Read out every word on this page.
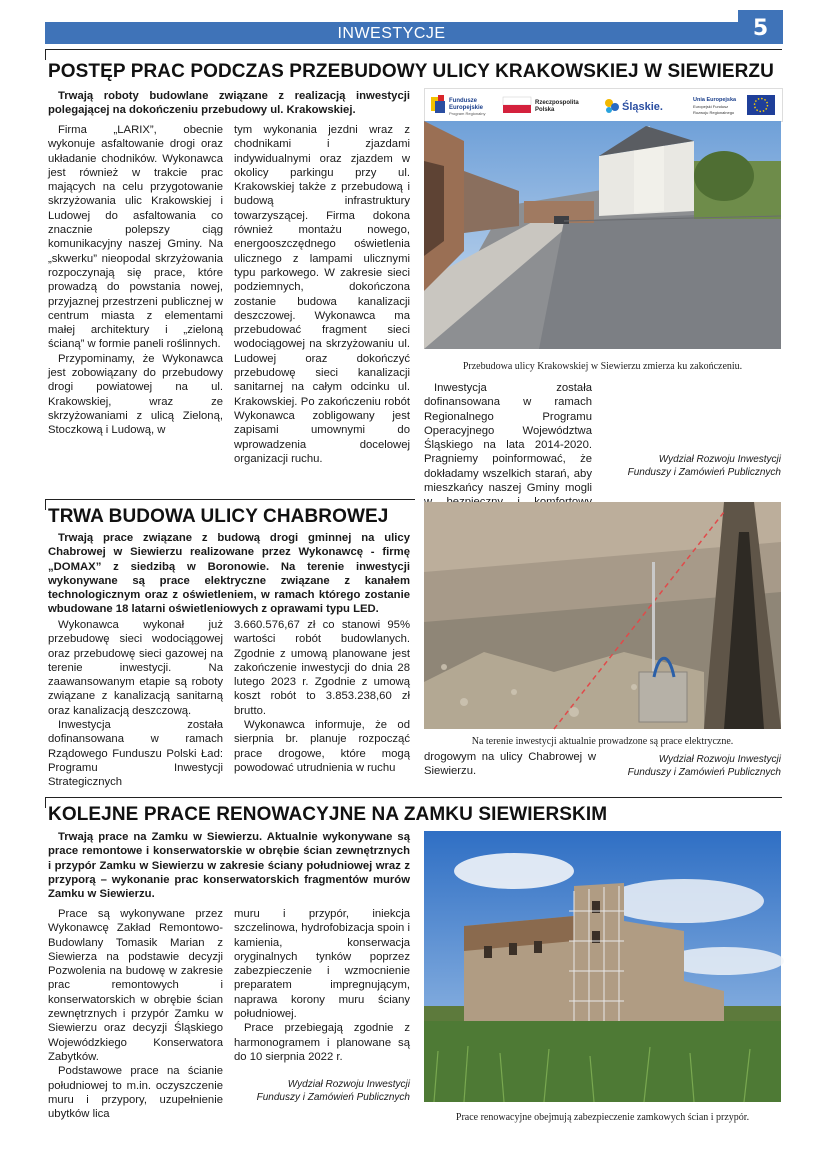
INWESTYCJE	5
POSTĘP PRAC PODCZAS PRZEBUDOWY ULICY KRAKOWSKIEJ W SIEWIERZU
Trwają roboty budowlane związane z realizacją inwestycji polegającej na dokończeniu przebudowy ul. Krakowskiej.

Firma „LARIX”, obecnie wykonuje asfaltowanie drogi oraz układanie chodników. Wykonawca jest również w trakcie prac mających na celu przygotowanie skrzyżowania ulic Krakowskiej i Ludowej do asfaltowania co znacznie polepszy ciąg komunikacyjny naszej Gminy. Na „skwerku” nieopodal skrzyżowania rozpoczynają się prace, które prowadzą do powstania nowej, przyjaznej przestrzeni publicznej w centrum miasta z elementami małej architektury i „zieloną ścianą” w formie paneli roślinnych.

Przypominamy, że Wykonawca jest zobowiązany do przebudowy drogi powiatowej na ul. Krakowskiej, wraz ze skrzyżowaniami z ulicą Zieloną, Stoczkową i Ludową, w

tym wykonania jezdni wraz z chodnikami i zjazdami indywidualnymi oraz zjazdem w okolicy parkingu przy ul. Krakowskiej także z przebudową i budową infrastruktury towarzyszącej. Firma dokona również montażu nowego, energooszczędnego oświetlenia ulicznego z lampami ulicznymi typu parkowego. W zakresie sieci podziemnych, dokończona zostanie budowa kanalizacji deszczowej. Wykonawca ma przebudować fragment sieci wodociągowej na skrzyżowaniu ul. Ludowej oraz dokończyć przebudowę sieci kanalizacji sanitarnej na całym odcinku ul. Krakowskiej. Po zakończeniu robót Wykonawca zobligowany jest zapisami umownymi do wprowadzenia docelowej organizacji ruchu.

Fundusze
Europejskie
Program Regionalny
Rzeczpospolita
Polska	Śląskie.
Unia Europejska
Europejski Fundusz
Rozwoju Regionalnego
Przebudowa ulicy Krakowskiej w Siewierzu zmierza ku zakończeniu.

Inwestycja została dofinansowana w ramach Regionalnego Programu Operacyjnego Województwa Śląskiego na lata 2014-2020. Pragniemy poinformować, że dokładamy wszelkich starań, aby mieszkańcy naszej Gminy mogli

Wydział Rozwoju Inwestycji
Funduszy i Zamówień Publicznych
TRWA BUDOWA ULICY CHABROWEJ
Trwają prace związane z budową drogi gminnej na ulicy Chabrowej w Siewierzu realizowane przez Wykonawcę - firmę „DOMAX” z siedzibą w Boronowie. Na terenie inwestycji wykonywane są prace elektryczne związane z kanałem technologicznym oraz z oświetleniem, w ramach którego zostanie wbudowane 18 latarni oświetleniowych z oprawami typu LED.

Wykonawca wykonał już przebudowę sieci wodociągowej oraz przebudowę sieci gazowej na terenie inwestycji. Na zaawansowanym etapie są roboty związane z kanalizacją sanitarną oraz kanalizacją deszczową.

Inwestycja została dofinansowana w ramach Rządowego Funduszu Polski Ład: Programu Inwestycji Strategicznych

3.660.576,67 zł co stanowi 95% wartości robót budowlanych. Zgodnie z umową planowane jest zakończenie inwestycji do dnia 28 lutego 2023 r. Zgodnie z umową koszt robót to 3.853.238,60 zł brutto.

Wykonawca informuje, że od sierpnia br. planuje rozpocząć prace drogowe, które mogą powodować utrudnienia w ruchu

Na terenie inwestycji aktualnie prowadzone są prace elektryczne.

drogowym na ulicy Chabrowej w Siewierzu.

Wydział Rozwoju Inwestycji
Funduszy i Zamówień Publicznych
KOLEJNE PRACE RENOWACYJNE NA ZAMKU SIEWIERSKIM
Trwają prace na Zamku w Siewierzu. Aktualnie wykonywane są prace remontowe i konserwatorskie w obrębie ścian zewnętrznych i przypór Zamku w Siewierzu w zakresie ściany południowej wraz z przyporą – wykonanie prac konserwatorskich fragmentów murów Zamku w Siewierzu.

Prace są wykonywane przez Wykonawcę Zakład Remontowo-Budowlany Tomasik Marian z Siewierza na podstawie decyzji Pozwolenia na budowę w zakresie prac remontowych i konserwatorskich w obrębie ścian zewnętrznych i przypór Zamku w Siewierzu oraz decyzji Śląskiego Wojewódzkiego Konserwatora Zabytków.

Podstawowe prace na ścianie południowej to m.in. oczyszczenie muru i przypory, uzupełnienie ubytków lica

muru i przypór, iniekcja szczelinowa, hydrofobizacja spoin i kamienia, konserwacja oryginalnych tynków poprzez zabezpieczenie i wzmocnienie preparatem impregnującym, naprawa korony muru ściany południowej.

Prace przebiegają zgodnie z harmonogramem i planowane są do 10 sierpnia 2022 r.

Wydział Rozwoju Inwestycji
Funduszy i Zamówień Publicznych
Prace renowacyjne obejmują zabezpieczenie zamkowych ścian i przypór.
